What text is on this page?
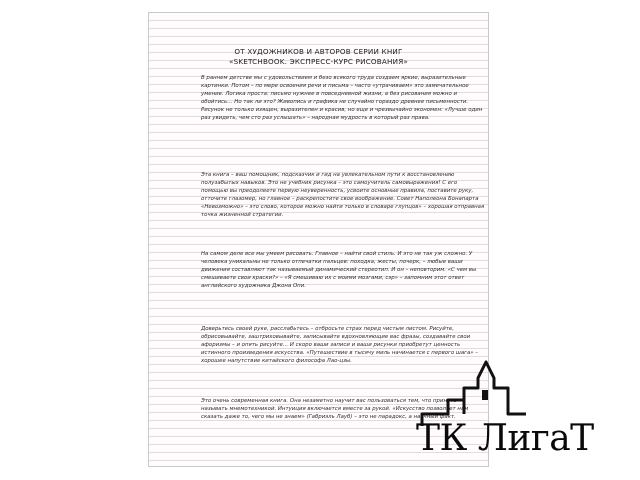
ОТ ХУДОЖНИКОВ И АВТОРОВ СЕРИИ КНИГ
«SKETCHBOOK. ЭКСПРЕСС-КУРС РИСОВАНИЯ»
В раннем детстве мы с удовольствием и безо всякого труда создаем яркие, выразительные картинки. Потом – по мере освоения речи и письма – часто «утрачиваем» это замечательное умение. Логика проста: письмо нужнее в повседневной жизни, а без рисования можно и обойтись… Но так ли это? Живопись и графика не случайно гораздо древнее письменности. Рисунок не только изящен, выразителен и красив, но еще и чрезвычайно экономен: «Лучше один раз увидеть, чем сто раз услышать» – народная мудрость в который раз права.
Эта книга – ваш помощник, подсказчик и гид на увлекательном пути к восстановлению полузабытых навыков. Это не учебник рисунка – это самоучитель самовыражения! С его помощью вы преодолеете первую неуверенность, усвоите основные правила, поставите руку, отточите глазомер, но главное – раскрепостите свое воображение. Совет Наполеона Бонапарта «Невозможно» – это слово, которое можно найти только в словаре глупцов» – хорошая отправная точка жизненной стратегии.
На самом деле все мы умеем рисовать. Главное – найти свой стиль. И это не так уж сложно. У человека уникальны не только отпечатки пальцев: походка, жесты, почерк, – любые ваши движения составляют так называемый динамический стереотип. И он – неповторим. «С чем вы смешиваете свои краски?» – «Я смешиваю их с моими мозгами, сэр» – запомним этот ответ английского художника Джона Опи.
Доверьтесь своей руке, расслабьтесь – отбросьте страх перед чистым листом. Рисуйте, обрисовывайте, заштриховывайте, записывайте вдохновляющие вас фразы, создавайте свои афоризмы – и опять рисуйте… И скоро ваши записи и ваши рисунки приобретут ценность истинного произведения искусства. «Путешествие в тысячу миль начинается с первого шага» – хорошее напутствие китайского философа Лао-цзы.
Это очень современная книга. Она незаметно научит вас пользоваться тем, что принято называть мнемотехникой. Интуиция включается вместе за рукой. «Искусство позволяет нам сказать даже то, чего мы не знаем» (Габриэль Лауб) – это не парадокс, а научный факт.
ТК ЛигаТ
